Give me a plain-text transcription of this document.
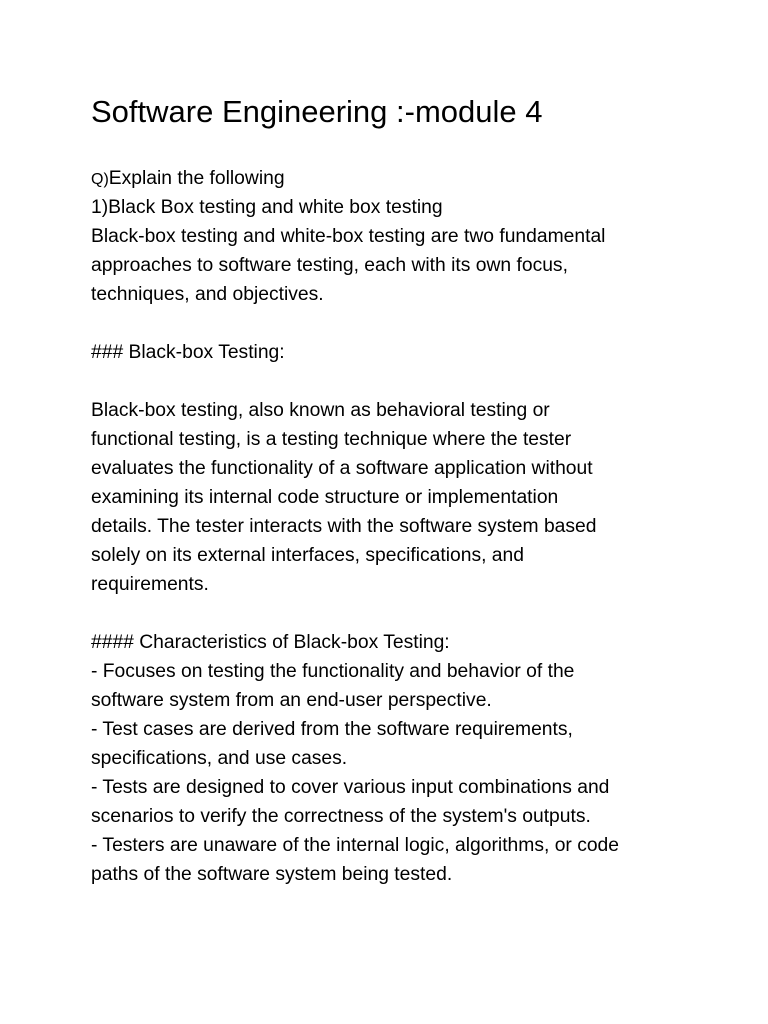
Software Engineering :-module 4
Q)Explain the following
1)Black Box testing and white box testing
Black-box testing and white-box testing are two fundamental
approaches to software testing, each with its own focus,
techniques, and objectives.
### Black-box Testing:
Black-box testing, also known as behavioral testing or
functional testing, is a testing technique where the tester
evaluates the functionality of a software application without
examining its internal code structure or implementation
details. The tester interacts with the software system based
solely on its external interfaces, specifications, and
requirements.
#### Characteristics of Black-box Testing:
- Focuses on testing the functionality and behavior of the
software system from an end-user perspective.
- Test cases are derived from the software requirements,
specifications, and use cases.
- Tests are designed to cover various input combinations and
scenarios to verify the correctness of the system's outputs.
- Testers are unaware of the internal logic, algorithms, or code
paths of the software system being tested.
